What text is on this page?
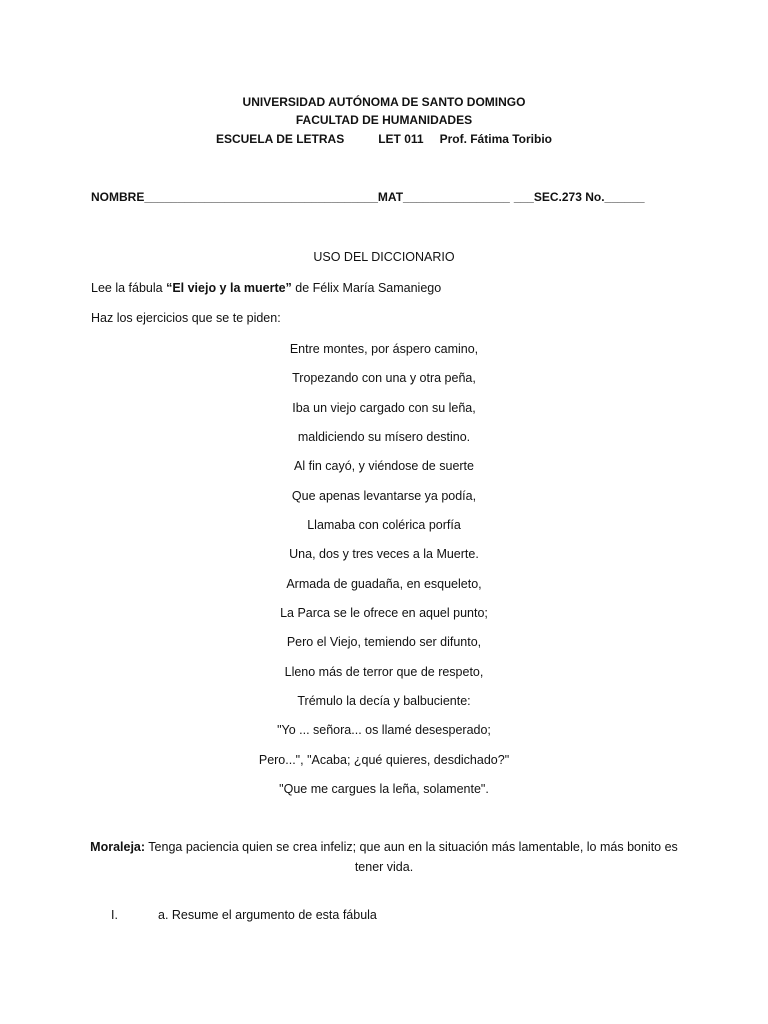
UNIVERSIDAD AUTÓNOMA DE SANTO DOMINGO
FACULTAD DE HUMANIDADES
ESCUELA DE LETRAS	LET 011 Prof. Fátima Toribio
NOMBRE___________________________________MAT________________ ___SEC.273 No.______
USO DEL DICCIONARIO
Lee la fábula “El viejo y la muerte” de Félix María Samaniego
Haz los ejercicios que se te piden:
Entre montes, por áspero camino,
Tropezando con una y otra peña,
Iba un viejo cargado con su leña,
maldiciendo su mísero destino.
Al fin cayó, y viéndose de suerte
Que apenas levantarse ya podía,
Llamaba con colérica porfía
Una, dos y tres veces a la Muerte.
Armada de guadaña, en esqueleto,
La Parca se le ofrece en aquel punto;
Pero el Viejo, temiendo ser difunto,
Lleno más de terror que de respeto,
Trémulo la decía y balbuciente:
"Yo ... señora... os llamé desesperado;
Pero...", "Acaba; ¿qué quieres, desdichado?"
"Que me cargues la leña, solamente".
Moraleja: Tenga paciencia quien se crea infeliz; que aun en la situación más lamentable, lo más bonito es tener vida.
I.	a. Resume el argumento de esta fábula
